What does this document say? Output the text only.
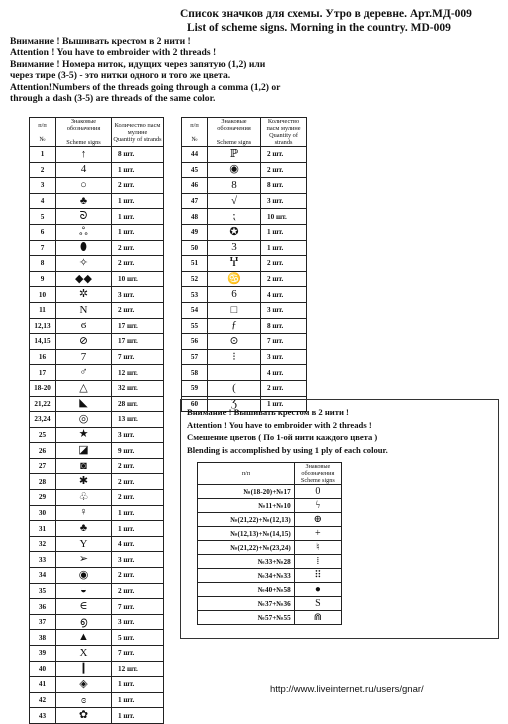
Список значков для схемы. Утро в деревне. Арт.МД-009
List of scheme signs. Morning in the country. MD-009
Внимание ! Вышивать крестом в 2 нити !
Attention ! You have to embroider with 2 threads !
Внимание ! Номера ниток, идущих через запятую (1,2) или
через тире (3-5) - это нитки одного и того же цвета.
Attention!Numbers of the threads going through a comma (1,2) or
through a dash (3-5) are threads of the same color.
п/п

№	Знаковые обозначения

Scheme signs	Количество пасм мулине
Quantity of strands
1	↑	8 шт.
2	4	1 шт.
3	○	2 шт.
4	♣	1 шт.
5	ᘐ	1 шт.
6	ஃ	1 шт.
7	⬮	2 шт.
8	✧	2 шт.
9	◆◆	10 шт.
10	✲	3 шт.
11	N	2 шт.
12,13	ϭ	17 шт.
14,15	⊘	17 шт.
16	7	7 шт.
17	♂	12 шт.
18-20	△	32 шт.
21,22	◣	28 шт.
23,24	◎	13 шт.
25	★	3 шт.
26	◪	9 шт.
27	◙	2 шт.
28	✱	2 шт.
29	♧	2 шт.
30	♀	1 шт.
31	♣	1 шт.
32	Y	4 шт.
33	➢	3 шт.
34	◉	2 шт.
35	◒	2 шт.
36	∈	7 шт.
37	൭	3 шт.
38	▲	5 шт.
39	X	7 шт.
40	❙	12 шт.
41	◈	1 шт.
42	ɞ	1 шт.
43	✿	1 шт.
п/п

№	Знаковые обозначения

Scheme signs	Количество пасм мулине
Quantity of strands
44	ℙ	2 шт.
45	◉	2 шт.
46	8	8 шт.
47	√	3 шт.
48	⁏	10 шт.
49	✪	1 шт.
50	3	1 шт.
51	Ⴤ	2 шт.
52	♋	2 шт.
53	6	4 шт.
54	□	3 шт.
55	ƒ	8 шт.
56	⊙	7 шт.
57	⁝	3 шт.
58		4 шт.
59	(	2 шт.
60	Ʒ	1 шт.
Внимание ! Вышивать крестом в 2 нити !
Attention ! You have to embroider with 2 threads !
Смешение цветов ( По 1-ой нити каждого цвета )
Blending is accomplished by using 1 ply of each colour.
п/п	Знаковые обозначения
Scheme signs
№(18-20)+№17	0
№11+№10	ϟ
№(21,22)+№(12,13)	⊕
№(12,13)+№(14,15)	+
№(21,22)+№(23,24)	♮
№33+№28	⁞
№34+№33	⠿
№40+№58	●
№37+№36	S
№57+№55	⋒
http://www.liveinternet.ru/users/gnar/
